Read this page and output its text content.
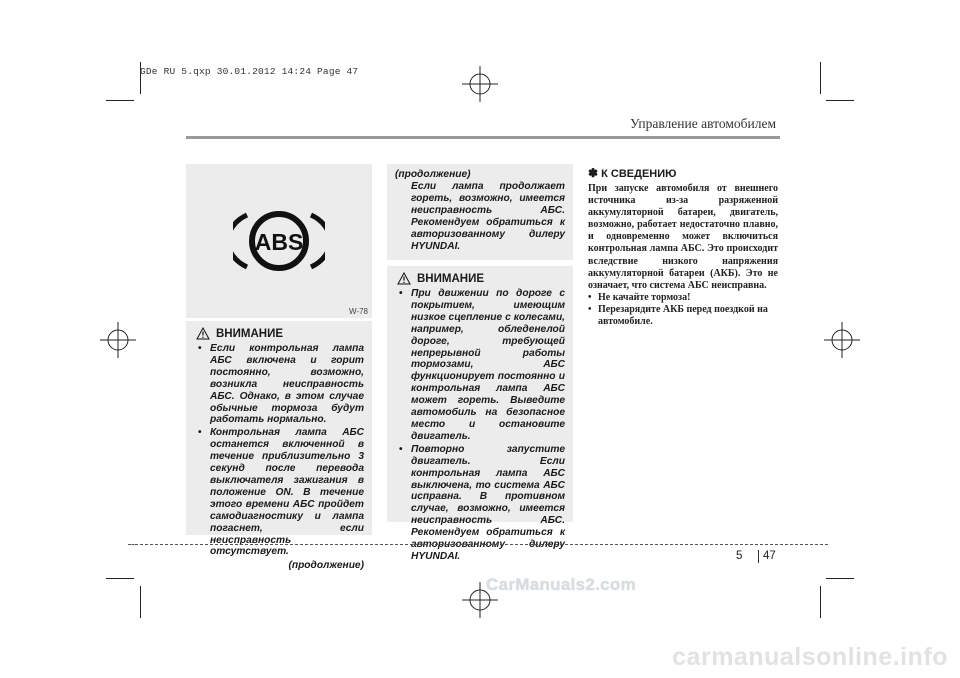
GDe RU 5.qxp 30.01.2012 14:24 Page 47
Управление автомобилем
ABS
W-78
ВНИМАНИЕ
• Если контрольная лампа АБС включена и горит постоянно, возможно, возникла неисправность АБС. Однако, в этом случае обычные тормоза будут работать нормально.
• Контрольная лампа АБС останется включенной в течение приблизительно 3 секунд после перевода выключателя зажигания в положение ON. В течение этого времени АБС пройдет самодиагностику и лампа погаснет, если неисправность отсутствует.
(продолжение)
(продолжение)
Если лампа продолжает гореть, возможно, имеется неисправность АБС. Рекомендуем обратиться к авторизованному дилеру HYUNDAI.
ВНИМАНИЕ
• При движении по дороге с покрытием, имеющим низкое сцепление с колесами, например, обледенелой дороге, требующей непрерывной работы тормозами, АБС функционирует постоянно и контрольная лампа АБС может гореть. Выведите автомобиль на безопасное место и остановите двигатель.
• Повторно запустите двигатель. Если контрольная лампа АБС выключена, то система АБС исправна. В противном случае, возможно, имеется неисправность АБС. Рекомендуем обратиться к авторизованному дилеру HYUNDAI.
✽ К СВЕДЕНИЮ
При запуске автомобиля от внешнего источника из-за разряженной аккумуляторной батареи, двигатель, возможно, работает недостаточно плавно, и одновременно может включиться контрольная лампа АБС. Это происходит вследствие низкого напряжения аккумуляторной батареи (АКБ). Это не означает, что система АБС неисправна.
• Не качайте тормоза!
• Перезарядите АКБ перед поездкой на автомобиле.
5 47
CarManuals2.com
carmanualsonline.info
